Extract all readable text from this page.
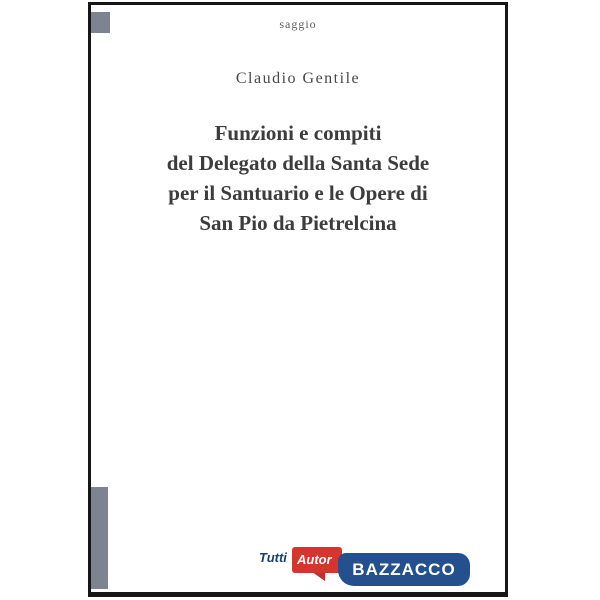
saggio
Claudio Gentile
Funzioni e compiti
del Delegato della Santa Sede
per il Santuario e le Opere di
San Pio da Pietrelcina
Tutti Autor	BAZZACCO
